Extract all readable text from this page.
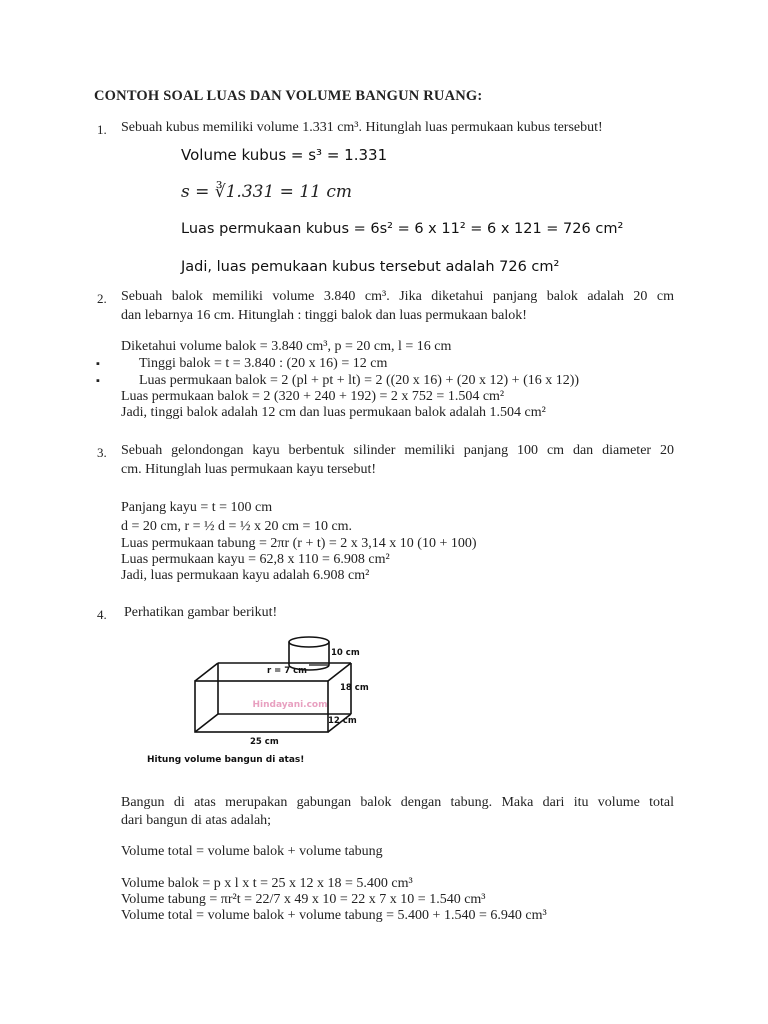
CONTOH SOAL LUAS DAN VOLUME BANGUN RUANG:
1. Sebuah kubus memiliki volume 1.331 cm³. Hitunglah luas permukaan kubus tersebut!
Volume kubus = s³ = 1.331
s = ∛1.331 = 11 cm
Luas permukaan kubus = 6s² = 6 x 11² = 6 x 121 = 726 cm²
Jadi, luas pemukaan kubus tersebut adalah 726 cm²
2. Sebuah balok memiliki volume 3.840 cm³. Jika diketahui panjang balok adalah 20 cm
dan lebarnya 16 cm. Hitunglah : tinggi balok dan luas permukaan balok!
Diketahui volume balok = 3.840 cm³, p = 20 cm, l = 16 cm
▪	Tinggi balok = t = 3.840 : (20 x 16) = 12 cm
▪	Luas permukaan balok = 2 (pl + pt + lt) = 2 ((20 x 16) + (20 x 12) + (16 x 12))
Luas permukaan balok = 2 (320 + 240 + 192) = 2 x 752 = 1.504 cm²
Jadi, tinggi balok adalah 12 cm dan luas permukaan balok adalah 1.504 cm²
3. Sebuah gelondongan kayu berbentuk silinder memiliki panjang 100 cm dan diameter 20
cm. Hitunglah luas permukaan kayu tersebut!
Panjang kayu = t = 100 cm
d = 20 cm, r = ½ d = ½ x 20 cm = 10 cm.
Luas permukaan tabung = 2πr (r + t) = 2 x 3,14 x 10 (10 + 100)
Luas permukaan kayu = 62,8 x 110 = 6.908 cm²
Jadi, luas permukaan kayu adalah 6.908 cm²
4. Perhatikan gambar berikut!
Hindayani.com
r = 7 cm
10 cm
18 cm
12 cm
25 cm
Hitung volume bangun di atas!
Bangun di atas merupakan gabungan balok dengan tabung. Maka dari itu volume total
dari bangun di atas adalah;
Volume total = volume balok + volume tabung
Volume balok = p x l x t = 25 x 12 x 18 = 5.400 cm³
Volume tabung = πr²t = 22/7 x 49 x 10 = 22 x 7 x 10 = 1.540 cm³
Volume total = volume balok + volume tabung = 5.400 + 1.540 = 6.940 cm³
